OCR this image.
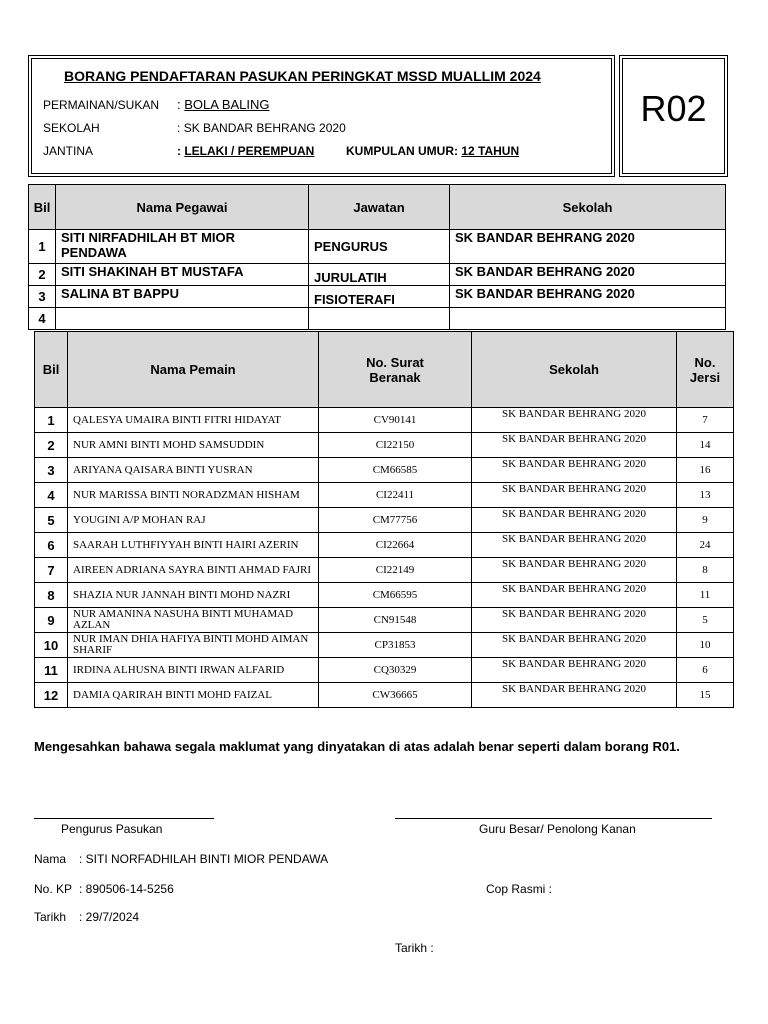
R02
BORANG PENDAFTARAN PASUKAN PERINGKAT MSSD MUALLIM 2024
PERMAINAN/SUKAN : BOLA BALING
SEKOLAH	: SK BANDAR BEHRANG 2020
JANTINA	: LELAKI / PEREMPUAN	KUMPULAN UMUR: 12 TAHUN
Bil	Nama Pegawai	Jawatan	Sekolah
1	SITI NIRFADHILAH BT MIOR PENDAWA	PENGURUS	SK BANDAR BEHRANG 2020
2	SITI SHAKINAH BT MUSTAFA	JURULATIH	SK BANDAR BEHRANG 2020
3	SALINA BT BAPPU	FISIOTERAFI	SK BANDAR BEHRANG 2020
4			
Bil	Nama Pemain	No. Surat Beranak	Sekolah	No. Jersi
1	QALESYA UMAIRA BINTI FITRI HIDAYAT	CV90141	SK BANDAR BEHRANG 2020	7
2	NUR AMNI BINTI MOHD SAMSUDDIN	CI22150	SK BANDAR BEHRANG 2020	14
3	ARIYANA QAISARA BINTI YUSRAN	CM66585	SK BANDAR BEHRANG 2020	16
4	NUR MARISSA BINTI NORADZMAN HISHAM	CI22411	SK BANDAR BEHRANG 2020	13
5	YOUGINI A/P MOHAN RAJ	CM77756	SK BANDAR BEHRANG 2020	9
6	SAARAH LUTHFIYYAH BINTI HAIRI AZERIN	CI22664	SK BANDAR BEHRANG 2020	24
7	AIREEN ADRIANA SAYRA BINTI AHMAD FAJRI	CI22149	SK BANDAR BEHRANG 2020	8
8	SHAZIA NUR JANNAH BINTI MOHD NAZRI	CM66595	SK BANDAR BEHRANG 2020	11
9	NUR AMANINA NASUHA BINTI MUHAMAD AZLAN	CN91548	SK BANDAR BEHRANG 2020	5
10	NUR IMAN DHIA HAFIYA BINTI MOHD AIMAN SHARIF	CP31853	SK BANDAR BEHRANG 2020	10
11	IRDINA ALHUSNA BINTI IRWAN ALFARID	CQ30329	SK BANDAR BEHRANG 2020	6
12	DAMIA QARIRAH BINTI MOHD FAIZAL	CW36665	SK BANDAR BEHRANG 2020	15
Mengesahkan bahawa segala maklumat yang dinyatakan di atas adalah benar seperti dalam borang R01.
Pengurus Pasukan	Guru Besar/ Penolong Kanan
Nama : SITI NORFADHILAH BINTI MIOR PENDAWA
No. KP : 890506-14-5256	Cop Rasmi :
Tarikh : 29/7/2024
Tarikh :
